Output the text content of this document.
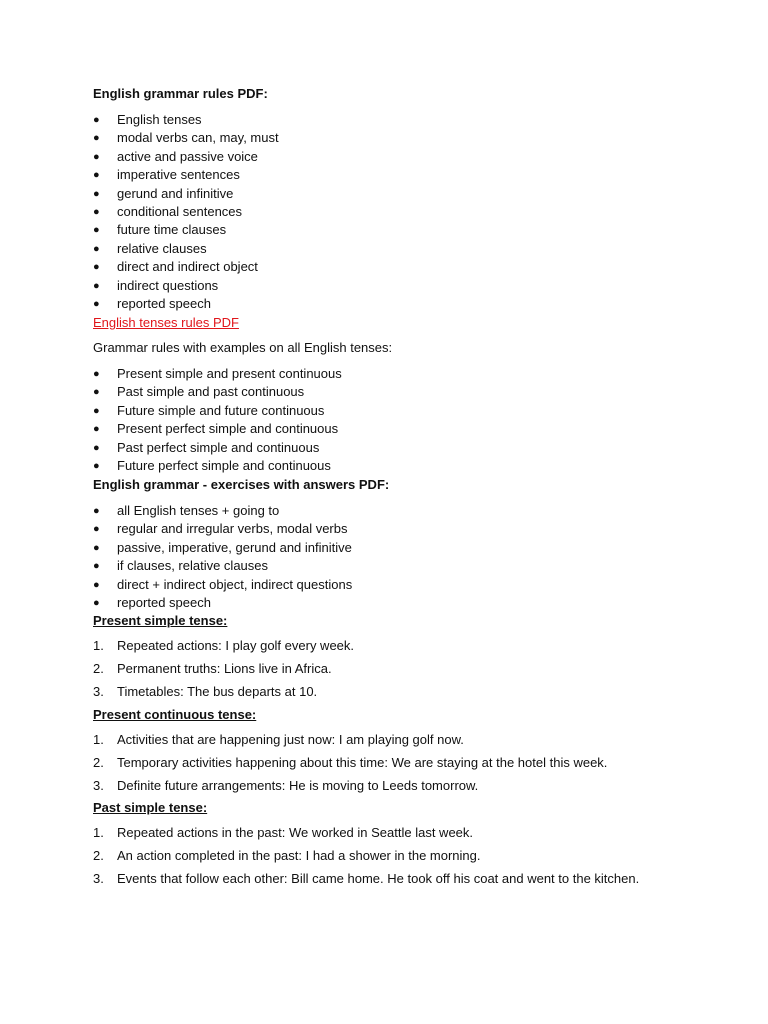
English grammar rules PDF:
● English tenses
● modal verbs can, may, must
● active and passive voice
● imperative sentences
● gerund and infinitive
● conditional sentences
● future time clauses
● relative clauses
● direct and indirect object
● indirect questions
● reported speech
English tenses rules PDF
Grammar rules with examples on all English tenses:
● Present simple and present continuous
● Past simple and past continuous
● Future simple and future continuous
● Present perfect simple and continuous
● Past perfect simple and continuous
● Future perfect simple and continuous
English grammar - exercises with answers PDF:
● all English tenses + going to
● regular and irregular verbs, modal verbs
● passive, imperative, gerund and infinitive
● if clauses, relative clauses
● direct + indirect object, indirect questions
● reported speech
Present simple tense:
1.	Repeated actions: I play golf every week.
2.	Permanent truths: Lions live in Africa.
3.	Timetables: The bus departs at 10.
Present continuous tense:
1.	Activities that are happening just now: I am playing golf now.
2.	Temporary activities happening about this time: We are staying at the hotel this week.
3.	Definite future arrangements: He is moving to Leeds tomorrow.
Past simple tense:
1.	Repeated actions in the past: We worked in Seattle last week.
2.	An action completed in the past: I had a shower in the morning.
3.	Events that follow each other: Bill came home. He took off his coat and went to the kitchen.
